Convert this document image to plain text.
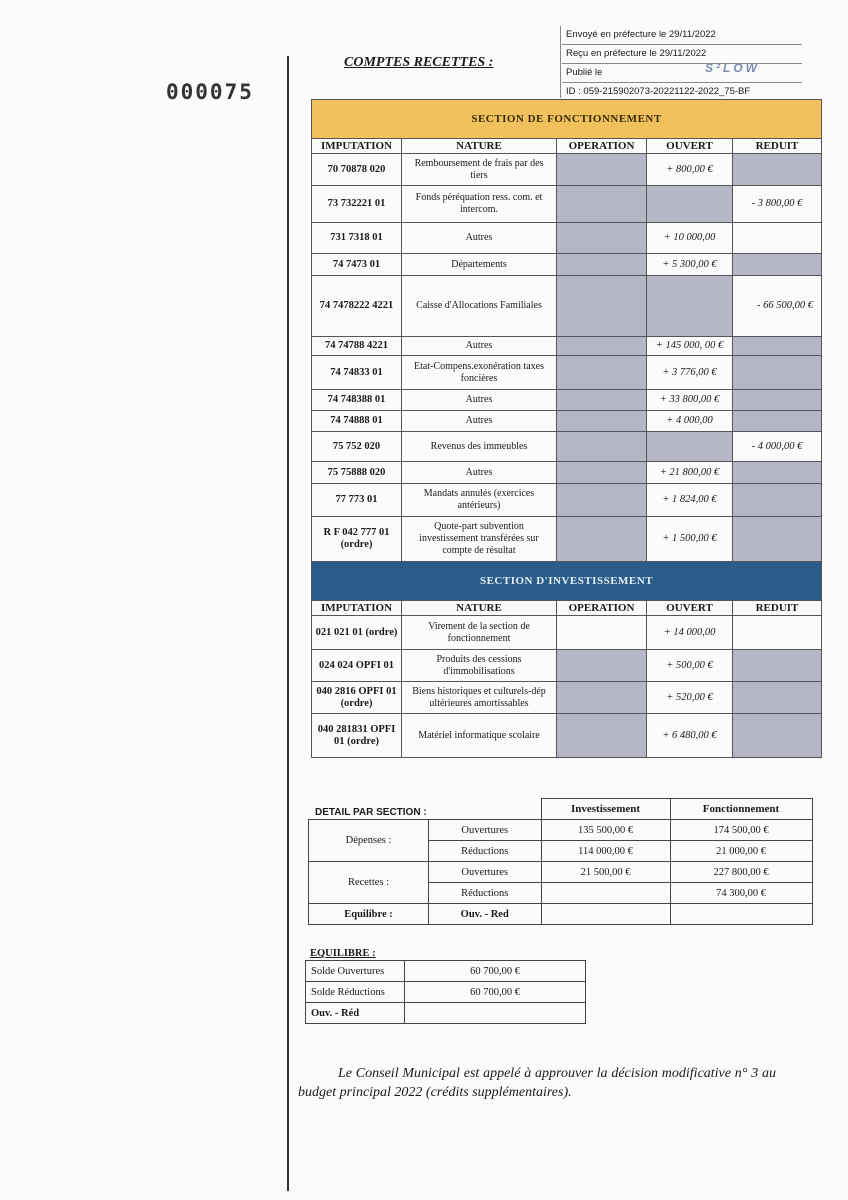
000075
COMPTES RECETTES :
Envoyé en préfecture le 29/11/2022
Reçu en préfecture le 29/11/2022
Publié le
ID : 059-215902073-20221122-2022_75-BF
S²LOW
SECTION DE FONCTIONNEMENT				
IMPUTATION	NATURE	OPERATION	OUVERT	REDUIT
70 70878 020	Remboursement de frais par des tiers		+ 800,00 €	
73 732221 01	Fonds péréquation ress. com. et intercom.			- 3 800,00 €
731 7318 01	Autres		+ 10 000,00	
74 7473 01	Départements		+ 5 300,00 €	
74 7478222 4221	Caisse d'Allocations Familiales			- 66 500,00 €
74 74788 4221	Autres		+ 145 000, 00 €	
74 74833 01	Etat-Compens.exonération taxes foncières		+ 3 776,00 €	
74 748388 01	Autres		+ 33 800,00 €	
74 74888 01	Autres		+ 4 000,00	
75 752 020	Revenus des immeubles			- 4 000,00 €
75 75888 020	Autres		+ 21 800,00 €	
77 773 01	Mandats annulés (exercices antérieurs)		+ 1 824,00 €	
R F 042 777 01 (ordre)	Quote-part subvention investissement transférées sur compte de résultat		+ 1 500,00 €	
SECTION D'INVESTISSEMENT				
IMPUTATION	NATURE	OPERATION	OUVERT	REDUIT
021 021 01 (ordre)	Virement de la section de fonctionnement		+ 14 000,00	
024 024 OPFI 01	Produits des cessions d'immobilisations		+ 500,00 €	
040 2816 OPFI 01 (ordre)	Biens historiques et culturels-dép ultérieures amortissables		+ 520,00 €	
040 281831 OPFI 01 (ordre)	Matériel informatique scolaire		+ 6 480,00 €	
DETAIL PAR SECTION :
			Investissement	Fonctionnement
Dépenses :	Ouvertures	135 500,00 €	174 500,00 €
	Réductions	114 000,00 €	21 000,00 €
Recettes :	Ouvertures	21 500,00 €	227 800,00 €
	Réductions		74 300,00 €
Equilibre :	Ouv. - Red		
EQUILIBRE :
Solde Ouvertures	60 700,00 €
Solde Réductions	60 700,00 €
Ouv. - Réd	
Le Conseil Municipal est appelé à approuver la décision modificative n° 3 au budget principal 2022 (crédits supplémentaires).
